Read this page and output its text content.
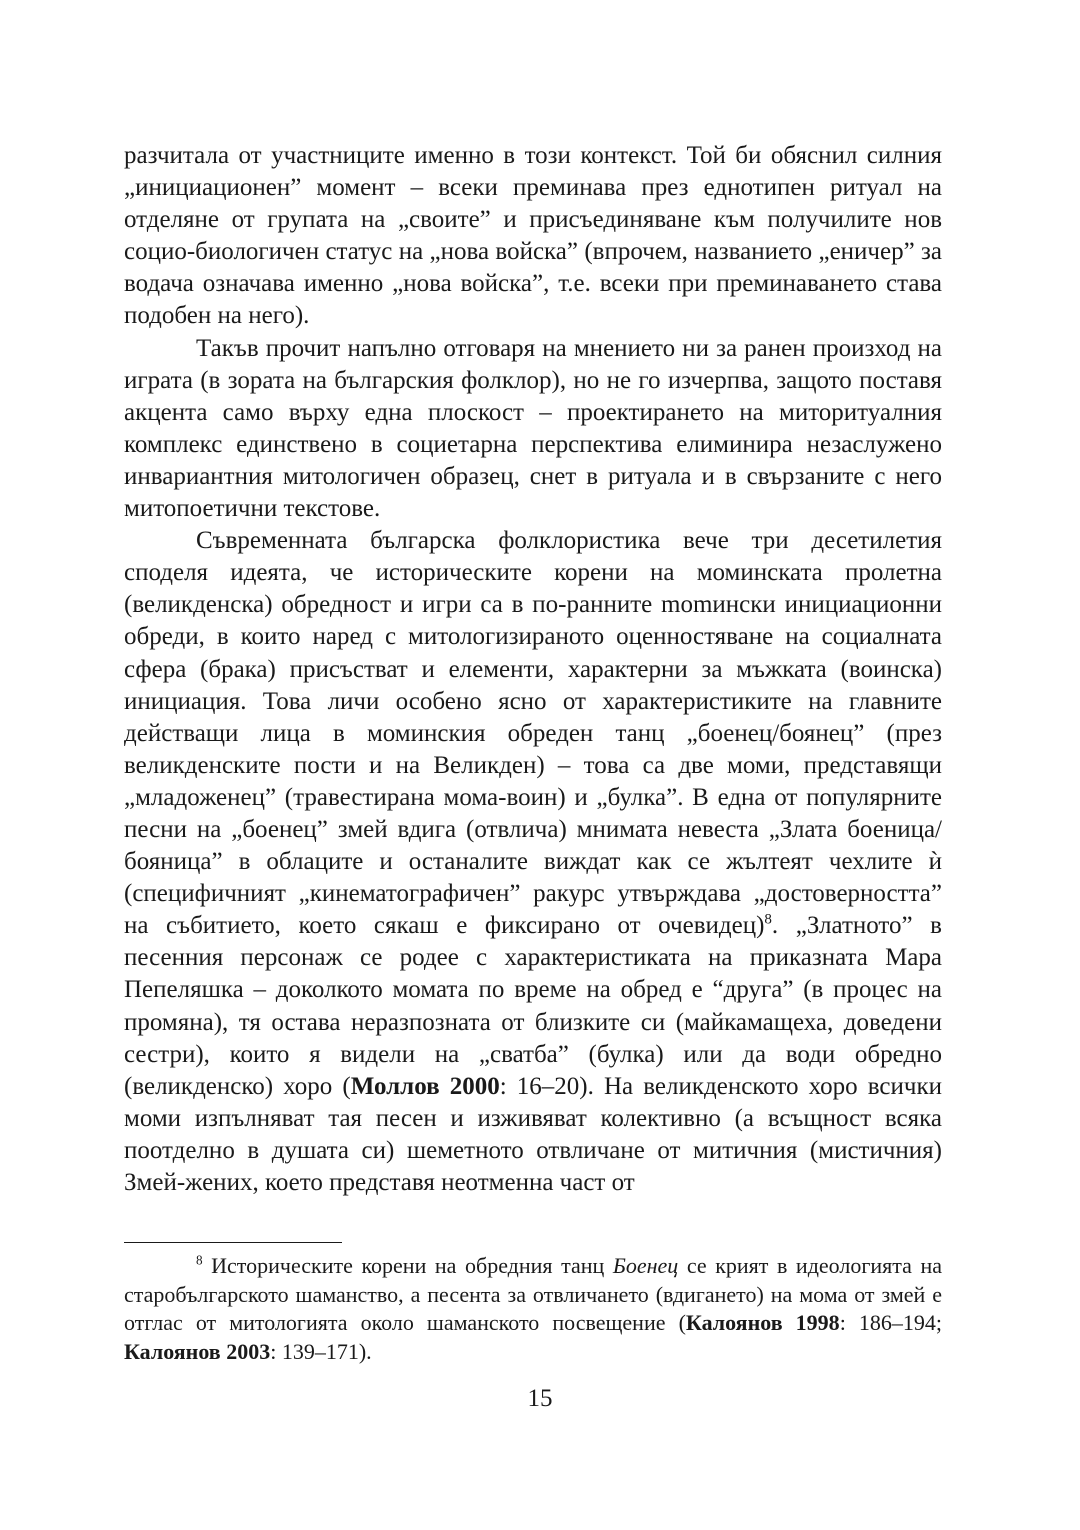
разчитала от участниците именно в този контекст. Той би обяснил силния „инициационен” момент – всеки преминава през еднотипен ритуал на отделяне от групата на „своите” и присъединяване към получилите нов социо-биологичен статус на „нова войска” (впрочем, названието „еничер” за водача означава именно „нова войска”, т.е. всеки при преминаването става подобен на него).

Такъв прочит напълно отговаря на мнението ни за ранен произход на играта (в зората на българския фолклор), но не го изчерпва, защото поставя акцента само върху една плоскост – проектирането на миторитуалния комплекс единствено в социетарна перспектива елиминира незаслужено инвариантния митологичен образец, снет в ритуала и в свързаните с него митопоетични текстове.

Съвременната българска фолклористика вече три десетилетия споделя идеята, че историческите корени на моминската пролетна (великденска) обредност и игри са в по-ранните momински инициационни обреди, в които наред с митологизираното оценностяване на социалната сфера (брака) присъстват и елементи, характерни за мъжката (воинска) инициация. Това личи особено ясно от характеристиките на главните действащи лица в моминския обреден танц „боенец/боянец” (през великденските пости и на Великден) – това са две моми, представящи „младоженец” (травестирана мома-воин) и „булка”. В една от популярните песни на „боенец” змей вдига (отвлича) мнимата невеста „Злата боеница/бояница” в облаците и останалите виждат как се жълтеят чехлите ѝ (специфичният „кинематографичен” ракурс утвърждава „достоверността” на събитието, което сякаш е фиксирано от очевидец)$^8$. „Златното” в песенния персонаж се родее с характеристиката на приказната Мара Пепеляшка – доколкото момата по време на обред е “друга” (в процес на промяна), тя остава неразпозната от близките си (майкамащеха, доведени сестри), които я видели на „сватба” (булка) или да води обредно (великденско) хоро (Моллов 2000: 16–20). На великденското хоро всички моми изпълняват тая песен и изживяват колективно (а всъщност всяка поотделно в душата си) шеметното отвличане от митичния (мистичния) Змей-жених, което представя неотменна част от

$^8$ Историческите корени на обредния танц Боенец се крият в идеологията на старобългарското шаманство, а песента за отвличането (вдигането) на мома от змей е отглас от митологията около шаманското посвещение (Калоянов 1998: 186–194; Калоянов 2003: 139–171).

15
